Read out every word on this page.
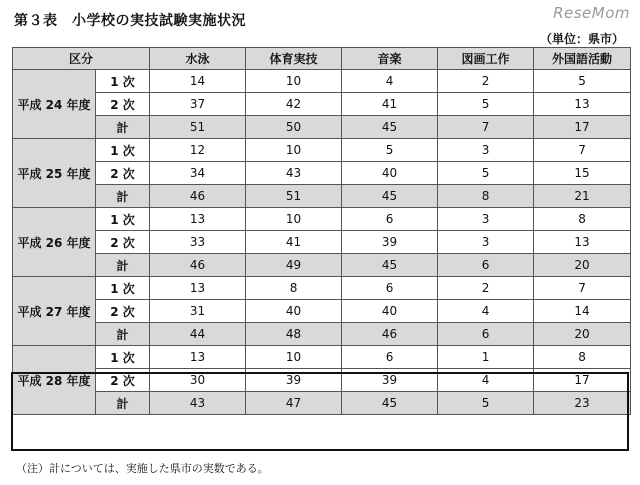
第３表　小学校の実技試験実施状況	ReseMom
（単位：県市）
区分		水泳	体育実技	音楽	図画工作	外国語活動
平成 24 年度	1 次	14	10	4	2	5
	2 次	37	42	41	5	13
	計	51	50	45	7	17
平成 25 年度	1 次	12	10	5	3	7
	2 次	34	43	40	5	15
	計	46	51	45	8	21
平成 26 年度	1 次	13	10	6	3	8
	2 次	33	41	39	3	13
	計	46	49	45	6	20
平成 27 年度	1 次	13	8	6	2	7
	2 次	31	40	40	4	14
	計	44	48	46	6	20
平成 28 年度	1 次	13	10	6	1	8
	2 次	30	39	39	4	17
	計	43	47	45	5	23
（注）計については、実施した県市の実数である。
